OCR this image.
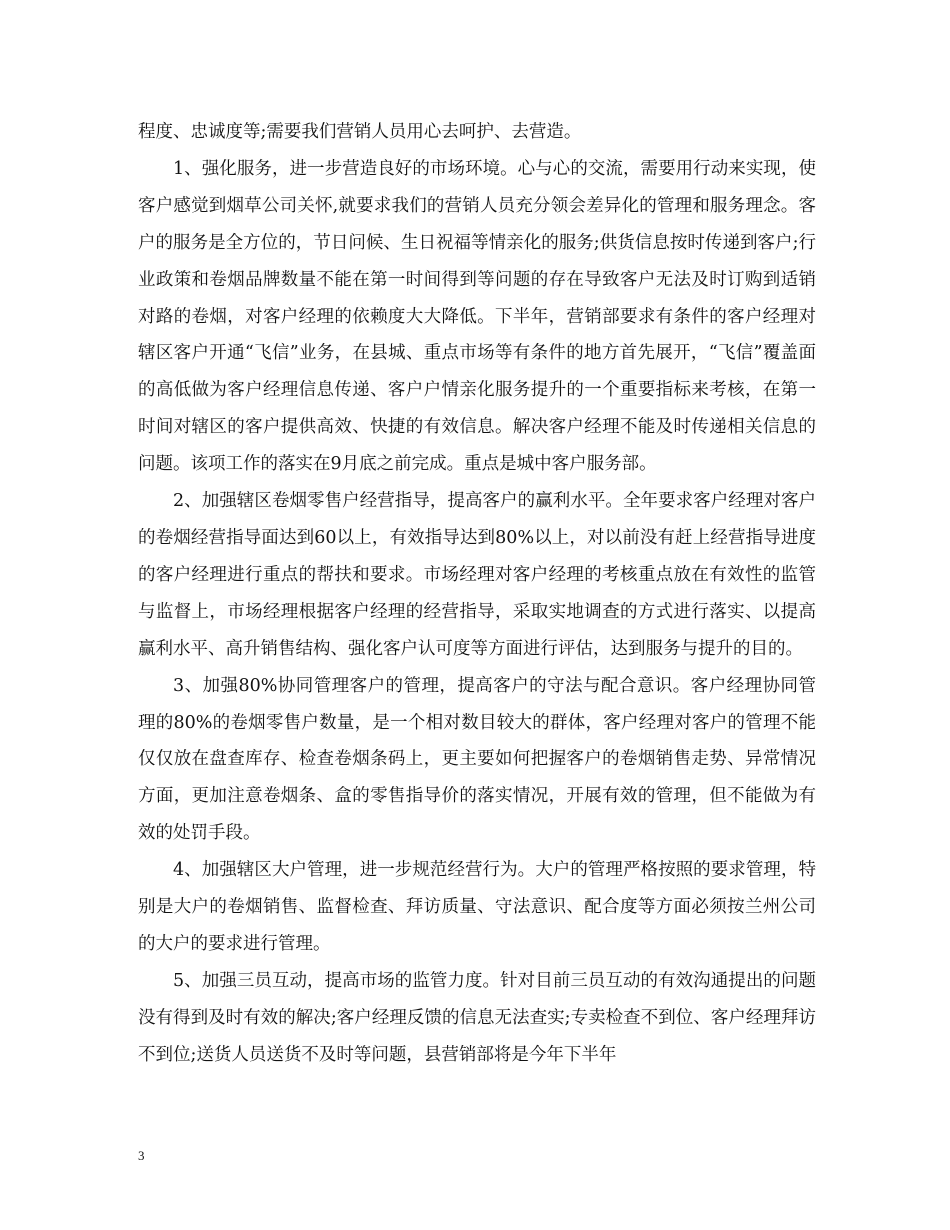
程度、忠诚度等;需要我们营销人员用心去呵护、去营造。

1、强化服务，进一步营造良好的市场环境。心与心的交流，需要用行动来实现，使客户感觉到烟草公司关怀,就要求我们的营销人员充分领会差异化的管理和服务理念。客户的服务是全方位的，节日问候、生日祝福等情亲化的服务;供货信息按时传递到客户;行业政策和卷烟品牌数量不能在第一时间得到等问题的存在导致客户无法及时订购到适销对路的卷烟，对客户经理的依赖度大大降低。下半年，营销部要求有条件的客户经理对辖区客户开通“飞信”业务，在县城、重点市场等有条件的地方首先展开，“飞信”覆盖面的高低做为客户经理信息传递、客户户情亲化服务提升的一个重要指标来考核，在第一时间对辖区的客户提供高效、快捷的有效信息。解决客户经理不能及时传递相关信息的问题。该项工作的落实在9月底之前完成。重点是城中客户服务部。

2、加强辖区卷烟零售户经营指导，提高客户的赢利水平。全年要求客户经理对客户的卷烟经营指导面达到60以上，有效指导达到80%以上，对以前没有赶上经营指导进度的客户经理进行重点的帮扶和要求。市场经理对客户经理的考核重点放在有效性的监管与监督上，市场经理根据客户经理的经营指导，采取实地调查的方式进行落实、以提高赢利水平、高升销售结构、强化客户认可度等方面进行评估，达到服务与提升的目的。

3、加强80%协同管理客户的管理，提高客户的守法与配合意识。客户经理协同管理的80%的卷烟零售户数量，是一个相对数目较大的群体，客户经理对客户的管理不能仅仅放在盘查库存、检查卷烟条码上，更主要如何把握客户的卷烟销售走势、异常情况方面，更加注意卷烟条、盒的零售指导价的落实情况，开展有效的管理，但不能做为有效的处罚手段。

4、加强辖区大户管理，进一步规范经营行为。大户的管理严格按照的要求管理，特别是大户的卷烟销售、监督检查、拜访质量、守法意识、配合度等方面必须按兰州公司的大户的要求进行管理。

5、加强三员互动，提高市场的监管力度。针对目前三员互动的有效沟通提出的问题没有得到及时有效的解决;客户经理反馈的信息无法查实;专卖检查不到位、客户经理拜访不到位;送货人员送货不及时等问题，县营销部将是今年下半年

3
